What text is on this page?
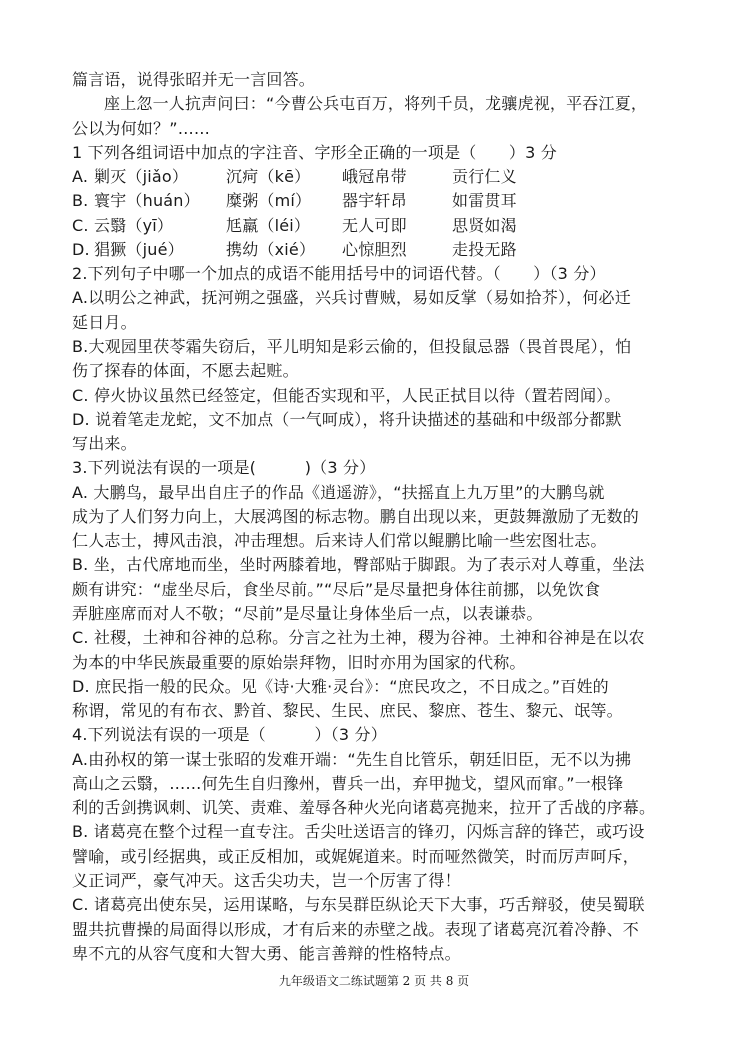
篇言语，说得张昭并无一言回答。
座上忽一人抗声问曰：“今曹公兵屯百万，将列千员，龙骧虎视，平吞江夏，
公以为何如？”……
1 下列各组词语中加点的字注音、字形全正确的一项是（　　）3 分
A. 剿灭（jiǎo） 沉疴（kē） 峨冠帛带	贡行仁义
B. 寰宇（huán） 糜粥（mí） 器宇轩昂	如雷贯耳
C. 云翳（yī）	尪羸（léi） 无人可即	思贤如渴
D. 猖獗（jué）	携幼（xié） 心惊胆烈	走投无路
2.下列句子中哪一个加点的成语不能用括号中的词语代替。（　　）（3 分）
A.以明公之神武，抚河朔之强盛，兴兵讨曹贼，易如反掌（易如拾芥），何必迁
延日月。
B.大观园里茯苓霜失窃后，平儿明知是彩云偷的，但投鼠忌器（畏首畏尾），怕
伤了探春的体面，不愿去起赃。
C. 停火协议虽然已经签定，但能否实现和平，人民正拭目以待（置若罔闻）。
D. 说着笔走龙蛇，文不加点（一气呵成），将升诀描述的基础和中级部分都默
写出来。
3.下列说法有误的一项是(　　　)（3 分）
A. 大鹏鸟，最早出自庄子的作品《逍遥游》，“扶摇直上九万里”的大鹏鸟就
成为了人们努力向上，大展鸿图的标志物。鹏自出现以来，更鼓舞激励了无数的
仁人志士，搏风击浪，冲击理想。后来诗人们常以鲲鹏比喻一些宏图壮志。
B. 坐，古代席地而坐，坐时两膝着地，臀部贴于脚跟。为了表示对人尊重，坐法
颇有讲究：“虚坐尽后，食坐尽前。”“尽后”是尽量把身体往前挪，以免饮食
弄脏座席而对人不敬；“尽前”是尽量让身体坐后一点，以表谦恭。
C. 社稷，土神和谷神的总称。分言之社为土神，稷为谷神。土神和谷神是在以农
为本的中华民族最重要的原始崇拜物，旧时亦用为国家的代称。
D. 庶民指一般的民众。见《诗·大雅·灵台》：“庶民攻之，不日成之。”百姓的
称谓，常见的有布衣、黔首、黎民、生民、庶民、黎庶、苍生、黎元、氓等。
4.下列说法有误的一项是（　　　）（3 分）
A.由孙权的第一谋士张昭的发难开端：“先生自比管乐，朝廷旧臣，无不以为拂
高山之云翳，……何先生自归豫州，曹兵一出，弃甲抛戈，望风而窜。”一根锋
利的舌剑携讽刺、讥笑、责难、羞辱各种火光向诸葛亮抛来，拉开了舌战的序幕。
B. 诸葛亮在整个过程一直专注。舌尖吐送语言的锋刃，闪烁言辞的锋芒，或巧设
譬喻，或引经据典，或正反相加，或娓娓道来。时而哑然微笑，时而厉声呵斥，
义正词严，豪气冲天。这舌尖功夫，岂一个厉害了得！
C. 诸葛亮出使东吴，运用谋略，与东吴群臣纵论天下大事，巧舌辩驳，使吴蜀联
盟共抗曹操的局面得以形成，才有后来的赤壁之战。表现了诸葛亮沉着冷静、不
卑不亢的从容气度和大智大勇、能言善辩的性格特点。
九年级语文二练试题第 2 页 共 8 页
